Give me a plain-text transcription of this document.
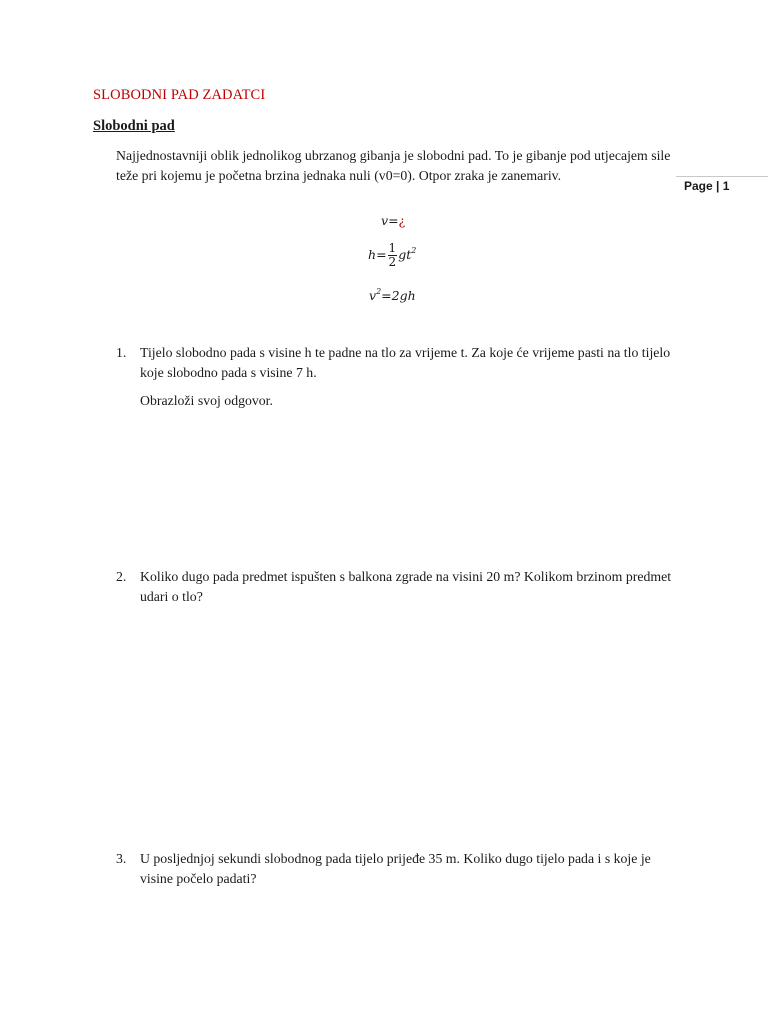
Page | 1
SLOBODNI PAD ZADATCI
Slobodni pad
Najjednostavniji oblik jednolikog ubrzanog gibanja je slobodni pad. To je gibanje pod utjecajem sile teže pri kojemu je početna brzina jednaka nuli (v0=0). Otpor zraka je zanemariv.
v=¿
$h= \frac{1}{2} gt^2$
$v^2=2gh$
1. Tijelo slobodno pada s visine h te padne na tlo za vrijeme t. Za koje će vrijeme pasti na tlo tijelo koje slobodno pada s visine 7 h.
Obrazloži svoj odgovor.
2. Koliko dugo pada predmet ispušten s balkona zgrade na visini 20 m? Kolikom brzinom predmet udari o tlo?
3. U posljednjoj sekundi slobodnog pada tijelo prijeđe 35 m. Koliko dugo tijelo pada i s koje je visine počelo padati?
